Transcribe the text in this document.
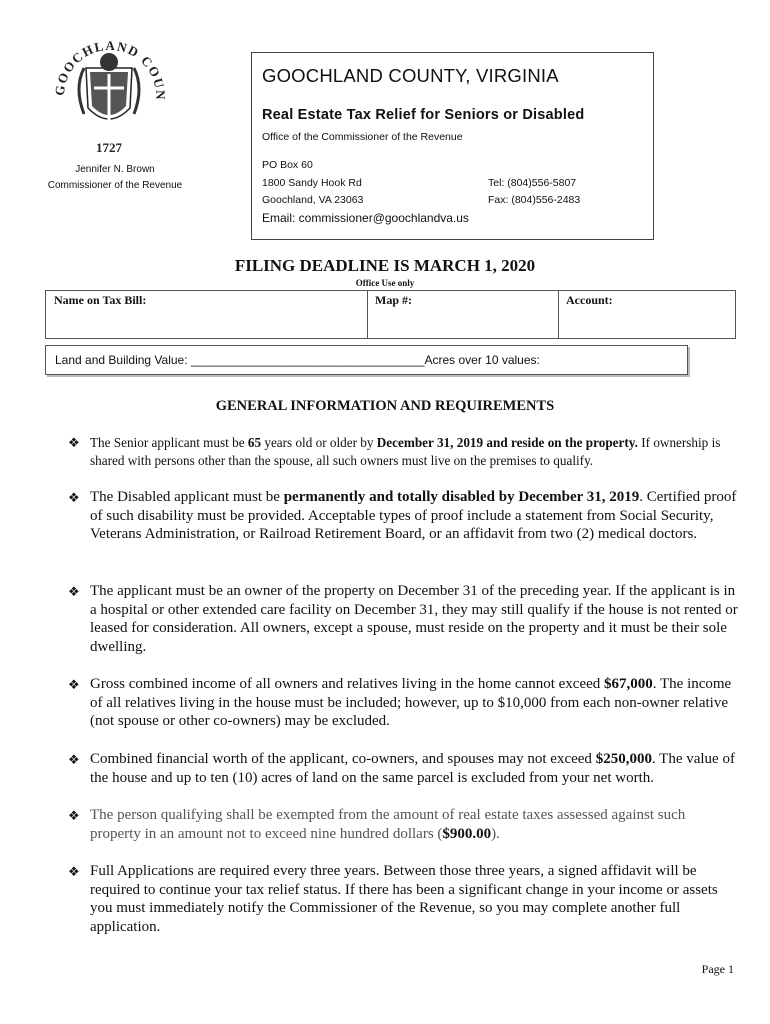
GOOCHLAND COUN
1727
Jennifer N. Brown
Commissioner of the Revenue
GOOCHLAND COUNTY, VIRGINIA
Real Estate Tax Relief for Seniors or Disabled
Office of the Commissioner of the Revenue
PO Box 60
1800 Sandy Hook Rd
Goochland, VA 23063
Tel: (804)556-5807
Fax: (804)556-2483
Email: commissioner@goochlandva.us
FILING DEADLINE IS MARCH 1, 2020
Office Use only
Name on Tax Bill:	Map #:	Account:
Land and Building Value: ___________________________________Acres over 10 values:
GENERAL INFORMATION AND REQUIREMENTS
❖ The Senior applicant must be 65 years old or older by December 31, 2019 and reside on the property. If ownership is shared with persons other than the spouse, all such owners must live on the premises to qualify.
❖ The Disabled applicant must be permanently and totally disabled by December 31, 2019. Certified proof of such disability must be provided. Acceptable types of proof include a statement from Social Security, Veterans Administration, or Railroad Retirement Board, or an affidavit from two (2) medical doctors.
❖ The applicant must be an owner of the property on December 31 of the preceding year. If the applicant is in a hospital or other extended care facility on December 31, they may still qualify if the house is not rented or leased for consideration. All owners, except a spouse, must reside on the property and it must be their sole dwelling.
❖ Gross combined income of all owners and relatives living in the home cannot exceed $67,000. The income of all relatives living in the house must be included; however, up to $10,000 from each non-owner relative (not spouse or other co-owners) may be excluded.
❖ Combined financial worth of the applicant, co-owners, and spouses may not exceed $250,000. The value of the house and up to ten (10) acres of land on the same parcel is excluded from your net worth.
❖ The person qualifying shall be exempted from the amount of real estate taxes assessed against such property in an amount not to exceed nine hundred dollars ($900.00).
❖ Full Applications are required every three years. Between those three years, a signed affidavit will be required to continue your tax relief status. If there has been a significant change in your income or assets you must immediately notify the Commissioner of the Revenue, so you may complete another full application.
Page 1
